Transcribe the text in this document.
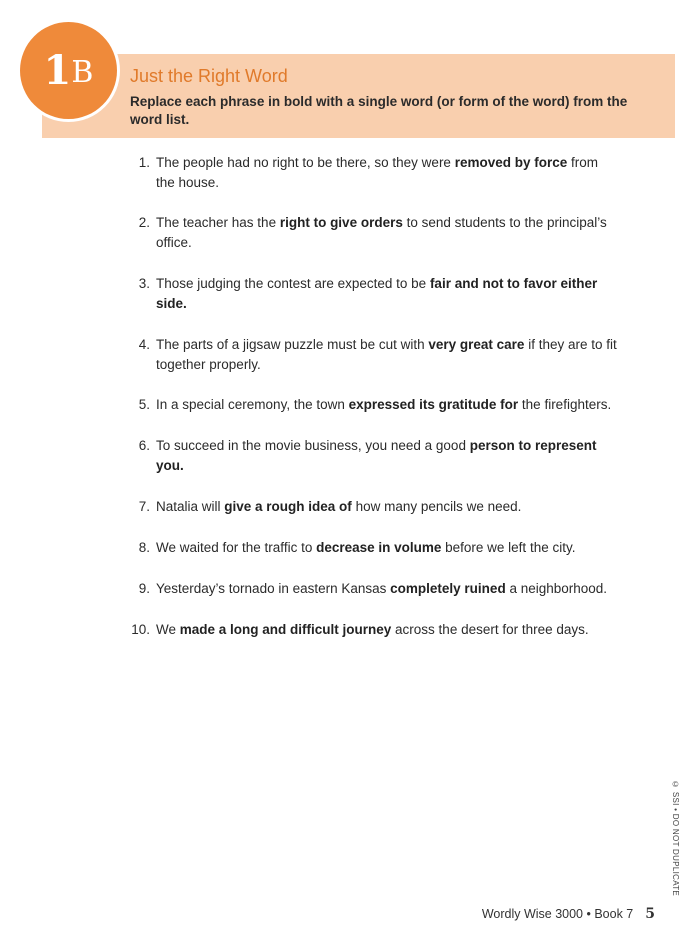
1 B Just the Right Word
Replace each phrase in bold with a single word (or form of the word) from the word list.
1. The people had no right to be there, so they were removed by force from the house.
2. The teacher has the right to give orders to send students to the principal’s office.
3. Those judging the contest are expected to be fair and not to favor either side.
4. The parts of a jigsaw puzzle must be cut with very great care if they are to fit together properly.
5. In a special ceremony, the town expressed its gratitude for the firefighters.
6. To succeed in the movie business, you need a good person to represent you.
7. Natalia will give a rough idea of how many pencils we need.
8. We waited for the traffic to decrease in volume before we left the city.
9. Yesterday’s tornado in eastern Kansas completely ruined a neighborhood.
10. We made a long and difficult journey across the desert for three days.
© SSI • DO NOT DUPLICATE
Wordly Wise 3000 • Book 7 5
